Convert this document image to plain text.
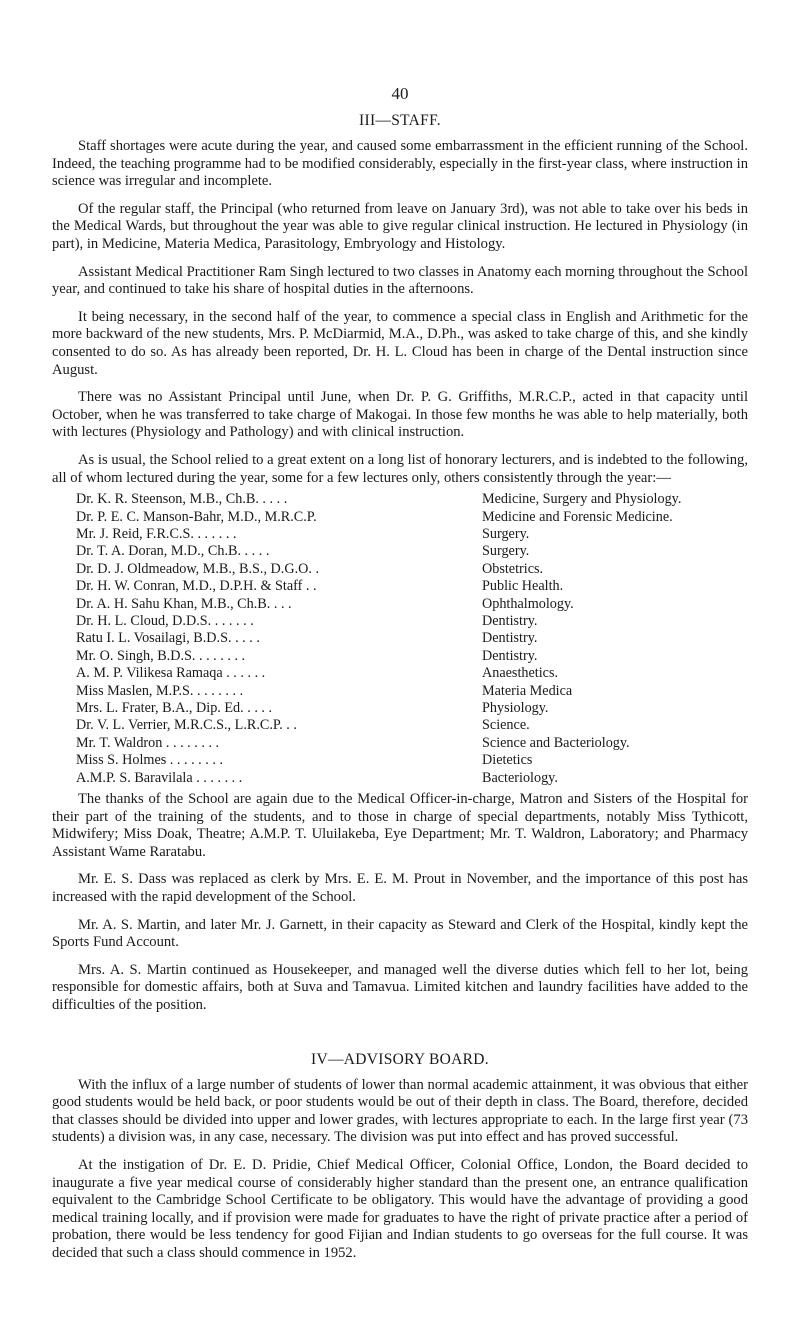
40
III—STAFF.

Staff shortages were acute during the year, and caused some embarrassment in the efficient running of the School. Indeed, the teaching programme had to be modified considerably, especially in the first-year class, where instruction in science was irregular and incomplete.

Of the regular staff, the Principal (who returned from leave on January 3rd), was not able to take over his beds in the Medical Wards, but throughout the year was able to give regular clinical instruction. He lectured in Physiology (in part), in Medicine, Materia Medica, Parasitology, Embryology and Histology.

Assistant Medical Practitioner Ram Singh lectured to two classes in Anatomy each morning throughout the School year, and continued to take his share of hospital duties in the afternoons.

It being necessary, in the second half of the year, to commence a special class in English and Arithmetic for the more backward of the new students, Mrs. P. McDiarmid, M.A., D.Ph., was asked to take charge of this, and she kindly consented to do so. As has already been reported, Dr. H. L. Cloud has been in charge of the Dental instruction since August.

There was no Assistant Principal until June, when Dr. P. G. Griffiths, M.R.C.P., acted in that capacity until October, when he was transferred to take charge of Makogai. In those few months he was able to help materially, both with lectures (Physiology and Pathology) and with clinical instruction.

As is usual, the School relied to a great extent on a long list of honorary lecturers, and is indebted to the following, all of whom lectured during the year, some for a few lectures only, others consistently through the year:—

Dr. K. R. Steenson, M.B., Ch.B. . . . .	Medicine, Surgery and Physiology.
Dr. P. E. C. Manson-Bahr, M.D., M.R.C.P.	Medicine and Forensic Medicine.
Mr. J. Reid, F.R.C.S. . . . . . .	Surgery.
Dr. T. A. Doran, M.D., Ch.B. . . . .	Surgery.
Dr. D. J. Oldmeadow, M.B., B.S., D.G.O. .	Obstetrics.
Dr. H. W. Conran, M.D., D.P.H. & Staff . .	Public Health.
Dr. A. H. Sahu Khan, M.B., Ch.B. . . .	Ophthalmology.
Dr. H. L. Cloud, D.D.S. . . . . . .	Dentistry.
Ratu I. L. Vosailagi, B.D.S. . . . .	Dentistry.
Mr. O. Singh, B.D.S. . . . . . . .	Dentistry.
A. M. P. Vilikesa Ramaqa . . . . . .	Anaesthetics.
Miss Maslen, M.P.S. . . . . . . .	Materia Medica
Mrs. L. Frater, B.A., Dip. Ed. . . . .	Physiology.
Dr. V. L. Verrier, M.R.C.S., L.R.C.P. . .	Science.
Mr. T. Waldron . . . . . . . .	Science and Bacteriology.
Miss S. Holmes . . . . . . . .	Dietetics
A.M.P. S. Baravilala . . . . . . .	Bacteriology.

The thanks of the School are again due to the Medical Officer-in-charge, Matron and Sisters of the Hospital for their part of the training of the students, and to those in charge of special departments, notably Miss Tythicott, Midwifery; Miss Doak, Theatre; A.M.P. T. Uluilakeba, Eye Department; Mr. T. Waldron, Laboratory; and Pharmacy Assistant Wame Raratabu.

Mr. E. S. Dass was replaced as clerk by Mrs. E. E. M. Prout in November, and the importance of this post has increased with the rapid development of the School.

Mr. A. S. Martin, and later Mr. J. Garnett, in their capacity as Steward and Clerk of the Hospital, kindly kept the Sports Fund Account.

Mrs. A. S. Martin continued as Housekeeper, and managed well the diverse duties which fell to her lot, being responsible for domestic affairs, both at Suva and Tamavua. Limited kitchen and laundry facilities have added to the difficulties of the position.

IV—ADVISORY BOARD.

With the influx of a large number of students of lower than normal academic attainment, it was obvious that either good students would be held back, or poor students would be out of their depth in class. The Board, therefore, decided that classes should be divided into upper and lower grades, with lectures appropriate to each. In the large first year (73 students) a division was, in any case, necessary. The division was put into effect and has proved successful.

At the instigation of Dr. E. D. Pridie, Chief Medical Officer, Colonial Office, London, the Board decided to inaugurate a five year medical course of considerably higher standard than the present one, an entrance qualification equivalent to the Cambridge School Certificate to be obligatory. This would have the advantage of providing a good medical training locally, and if provision were made for graduates to have the right of private practice after a period of probation, there would be less tendency for good Fijian and Indian students to go overseas for the full course. It was decided that such a class should commence in 1952.
